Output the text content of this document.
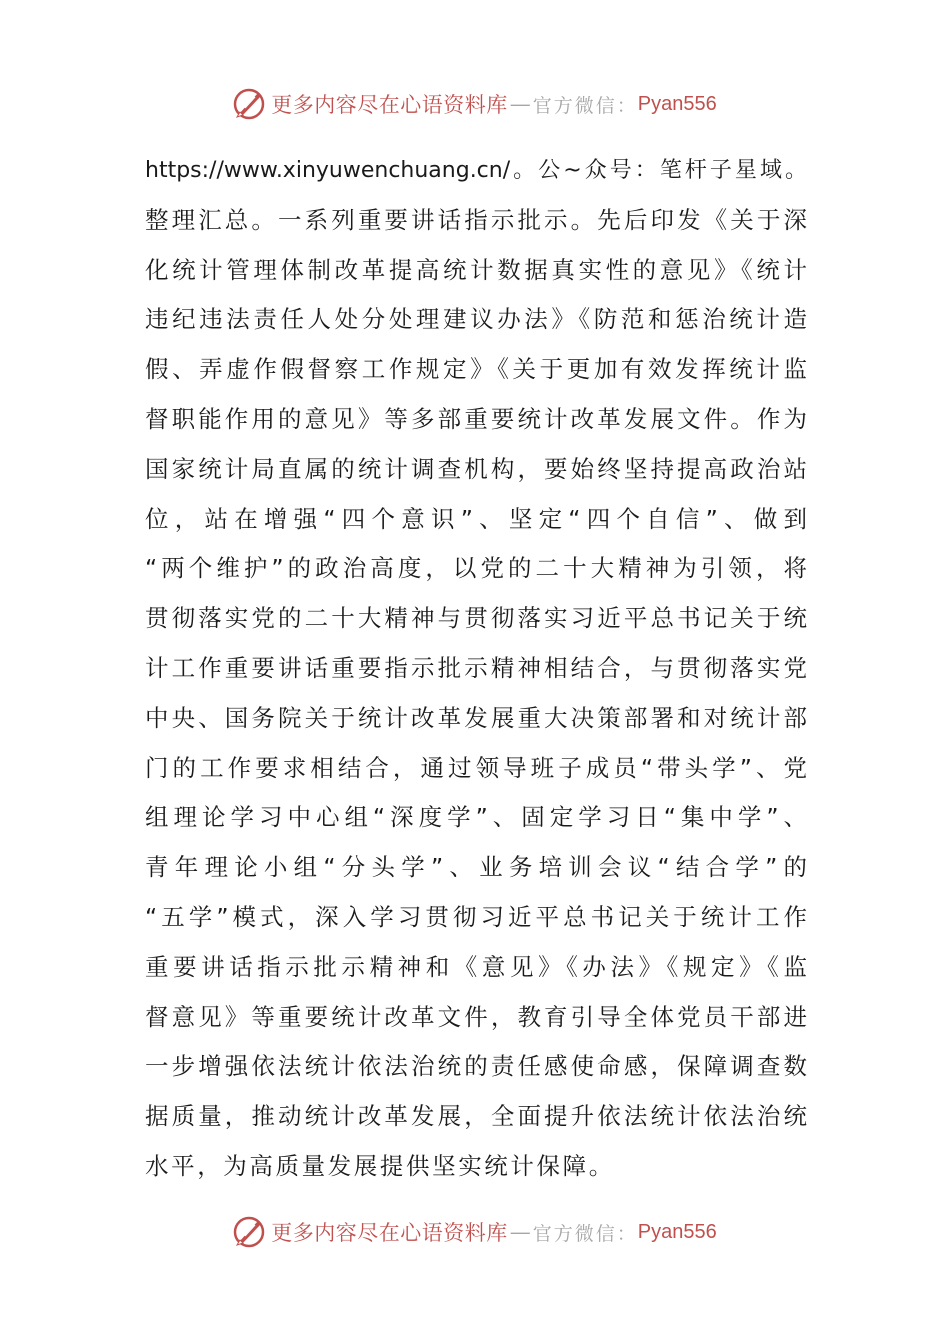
更多内容尽在心语资料库 — 官方微信： Pyan556
https://www.xinyuwenchuang.cn/。公~众号：笔杆子星域。
整理汇总。一系列重要讲话指示批示。先后印发《关于深
化统计管理体制改革提高统计数据真实性的意见》《统计
违纪违法责任人处分处理建议办法》《防范和惩治统计造
假、弄虚作假督察工作规定》《关于更加有效发挥统计监
督职能作用的意见》等多部重要统计改革发展文件。作为
国家统计局直属的统计调查机构，要始终坚持提高政治站
位，站在增强“四个意识”、坚定“四个自信”、做到
“两个维护”的政治高度，以党的二十大精神为引领，将
贯彻落实党的二十大精神与贯彻落实习近平总书记关于统
计工作重要讲话重要指示批示精神相结合，与贯彻落实党
中央、国务院关于统计改革发展重大决策部署和对统计部
门的工作要求相结合，通过领导班子成员“带头学”、党
组理论学习中心组“深度学”、固定学习日“集中学”、
青年理论小组“分头学”、业务培训会议“结合学”的
“五学”模式，深入学习贯彻习近平总书记关于统计工作
重要讲话指示批示精神和《意见》《办法》《规定》《监
督意见》等重要统计改革文件，教育引导全体党员干部进
一步增强依法统计依法治统的责任感使命感，保障调查数
据质量，推动统计改革发展，全面提升依法统计依法治统
水平，为高质量发展提供坚实统计保障。
更多内容尽在心语资料库 — 官方微信： Pyan556
